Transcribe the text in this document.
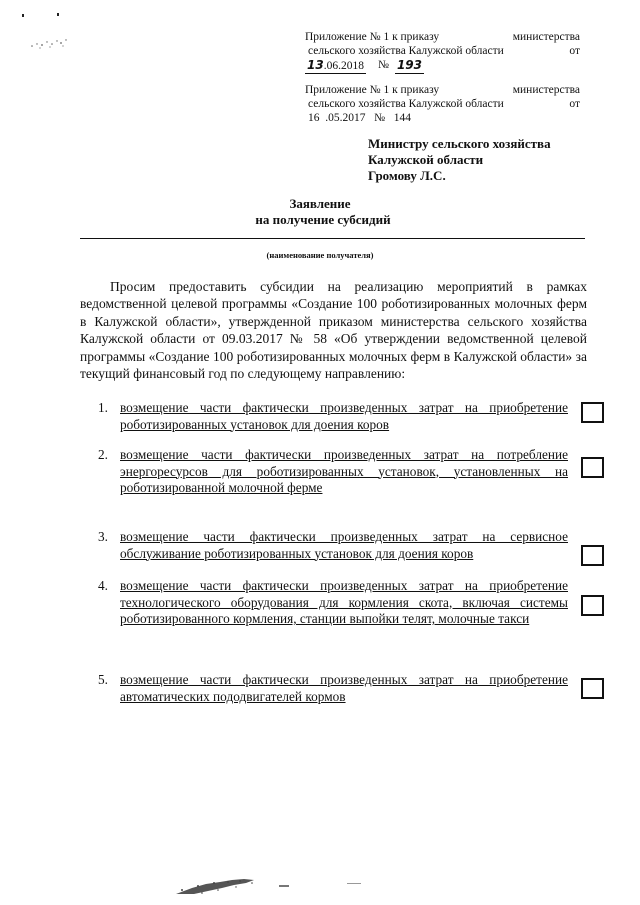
Приложение № 1 к приказу	министерства
сельского хозяйства Калужской области	от
13.06.2018 № 193
Приложение № 1 к приказу	министерства
сельского хозяйства Калужской области	от
16  .05.2017   №   144
Министру сельского хозяйства
Калужской области
Громову Л.С.
Заявление
на получение субсидий
(наименование получателя)
Просим предоставить субсидии на реализацию мероприятий в рамках ведомственной целевой программы «Создание 100 роботизированных молочных ферм в Калужской области», утвержденной приказом министерства сельского хозяйства Калужской области от 09.03.2017 № 58 «Об утверждении ведомственной целевой программы «Создание 100 роботизированных молочных ферм в Калужской области» за текущий финансовый год по следующему направлению:
1. возмещение части фактически произведенных затрат на приобретение роботизированных установок для доения коров
2. возмещение части фактически произведенных затрат на потребление энергоресурсов для роботизированных установок, установленных на роботизированной молочной ферме
3. возмещение части фактически произведенных затрат на сервисное обслуживание роботизированных установок для доения коров
4. возмещение части фактически произведенных затрат на приобретение технологического оборудования для кормления скота, включая системы роботизированного кормления, станции выпойки телят, молочные такси
5. возмещение части фактически произведенных затрат на приобретение автоматических пододвигателей кормов
